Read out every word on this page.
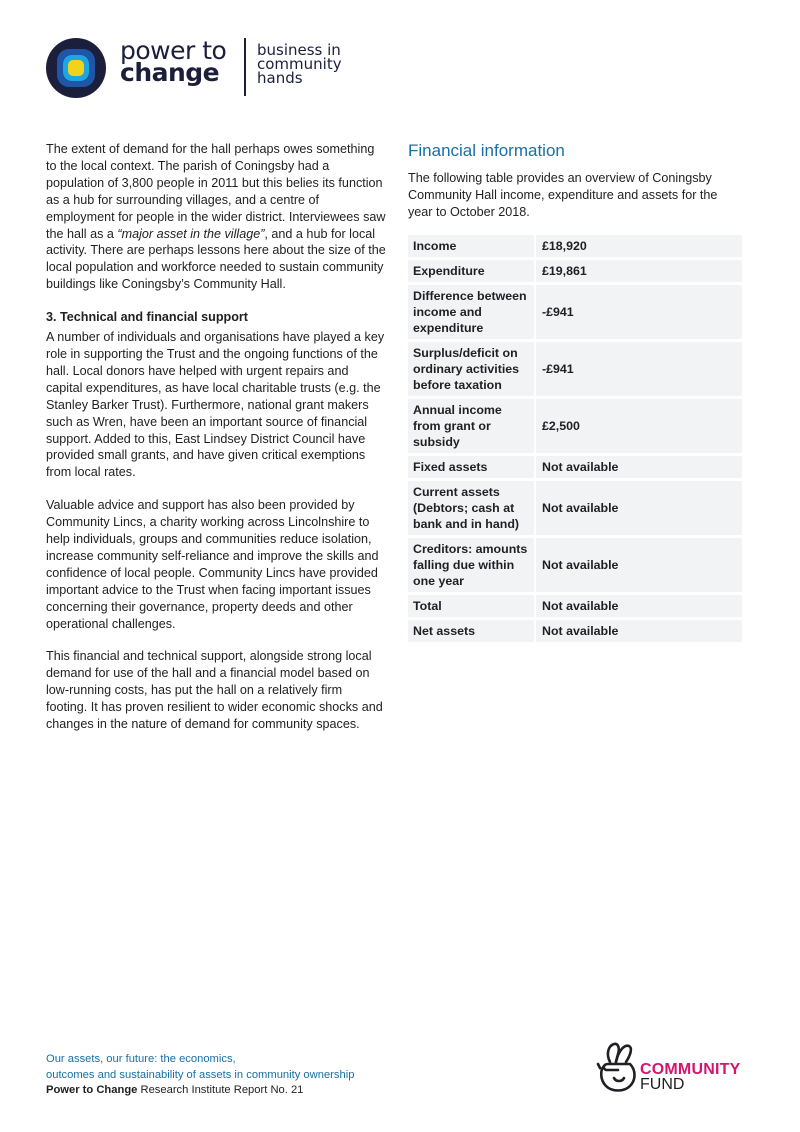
power to
change
business in
community
hands

The extent of demand for the hall perhaps owes something to the local context. The parish of Coningsby had a population of 3,800 people in 2011 but this belies its function as a hub for surrounding villages, and a centre of employment for people in the wider district. Interviewees saw the hall as a “major asset in the village”, and a hub for local activity. There are perhaps lessons here about the size of the local population and workforce needed to sustain community buildings like Coningsby’s Community Hall.

3. Technical and financial support

A number of individuals and organisations have played a key role in supporting the Trust and the ongoing functions of the hall. Local donors have helped with urgent repairs and capital expenditures, as have local charitable trusts (e.g. the Stanley Barker Trust). Furthermore, national grant makers such as Wren, have been an important source of financial support. Added to this, East Lindsey District Council have provided small grants, and have given critical exemptions from local rates.

Valuable advice and support has also been provided by Community Lincs, a charity working across Lincolnshire to help individuals, groups and communities reduce isolation, increase community self-reliance and improve the skills and confidence of local people. Community Lincs have provided important advice to the Trust when facing important issues concerning their governance, property deeds and other operational challenges.

This financial and technical support, alongside strong local demand for use of the hall and a financial model based on low-running costs, has put the hall on a relatively firm footing. It has proven resilient to wider economic shocks and changes in the nature of demand for community spaces.

Financial information

The following table provides an overview of Coningsby Community Hall income, expenditure and assets for the year to October 2018.

Income	£18,920
Expenditure	£19,861
Difference between income and expenditure	-£941
Surplus/deficit on ordinary activities before taxation	-£941
Annual income from grant or subsidy	£2,500
Fixed assets	Not available
Current assets (Debtors; cash at bank and in hand)	Not available
Creditors: amounts falling due within one year	Not available
Total	Not available
Net assets	Not available
Our assets, our future: the economics,
outcomes and sustainability of assets in community ownership
Power to Change Research Institute Report No. 21
COMMUNITY
FUND
